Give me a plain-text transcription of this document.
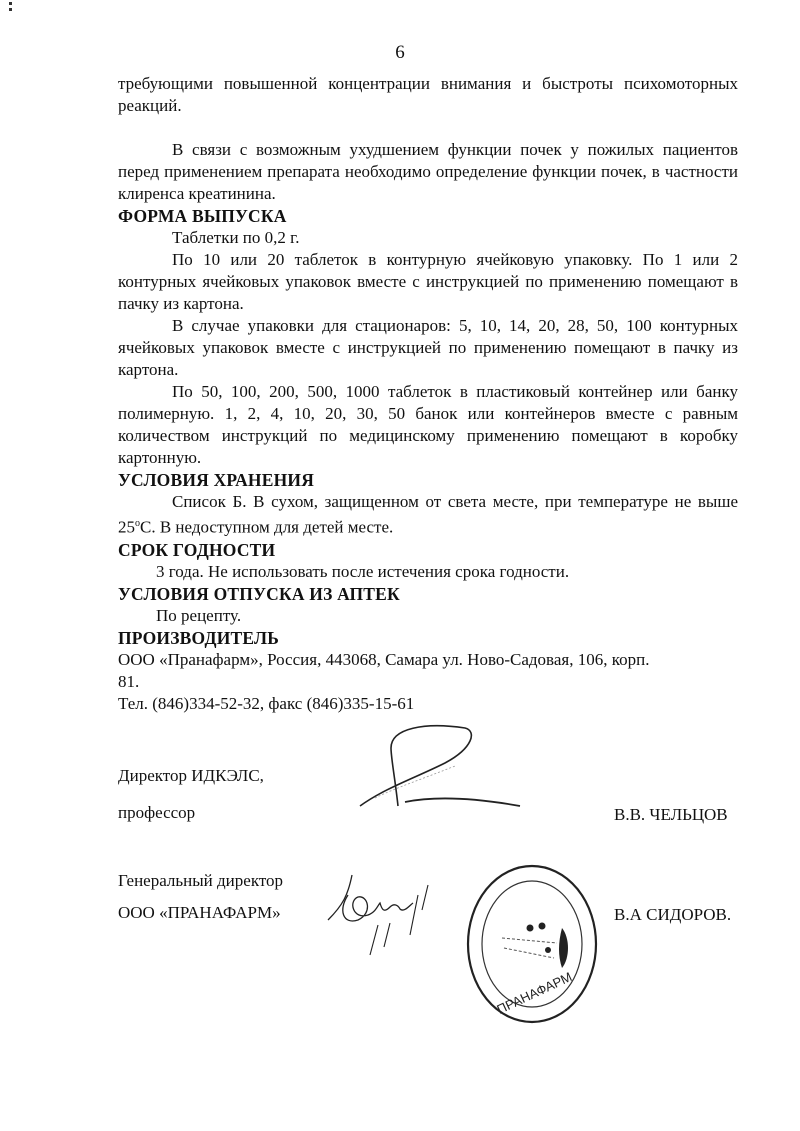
6

требующими повышенной концентрации внимания и быстроты психомоторных реакций.

В связи с возможным ухудшением функции почек у пожилых пациентов перед применением препарата необходимо определение функции почек, в частности клиренса креатинина.

ФОРМА ВЫПУСКА

Таблетки по 0,2 г.

По 10 или 20 таблеток в контурную ячейковую упаковку. По 1 или 2 контурных ячейковых упаковок вместе с инструкцией по применению помещают в пачку из картона.

В случае упаковки для стационаров: 5, 10, 14, 20, 28, 50, 100 контурных ячейковых упаковок вместе с инструкцией по применению помещают в пачку из картона.

По 50, 100, 200, 500, 1000 таблеток в пластиковый контейнер или банку полимерную. 1, 2, 4, 10, 20, 30, 50 банок или контейнеров вместе с равным количеством инструкций по медицинскому применению помещают в коробку картонную.

УСЛОВИЯ ХРАНЕНИЯ

Список Б. В сухом, защищенном от света месте, при температуре не выше 25$^o$С. В недоступном для детей месте.

СРОК ГОДНОСТИ

3 года. Не использовать после истечения срока годности.

УСЛОВИЯ ОТПУСКА ИЗ АПТЕК

По рецепту.

ПРОИЗВОДИТЕЛЬ

ООО «Пранафарм», Россия, 443068, Самара ул. Ново-Садовая, 106, корп.

81.

Тел. (846)334-52-32, факс (846)335-15-61

Директор ИДКЭЛС,
профессор	В.В. ЧЕЛЬЦОВ
Генеральный директор
ООО «ПРАНАФАРМ»
ПРАНАФАРМ
В.А СИДОРОВ.
